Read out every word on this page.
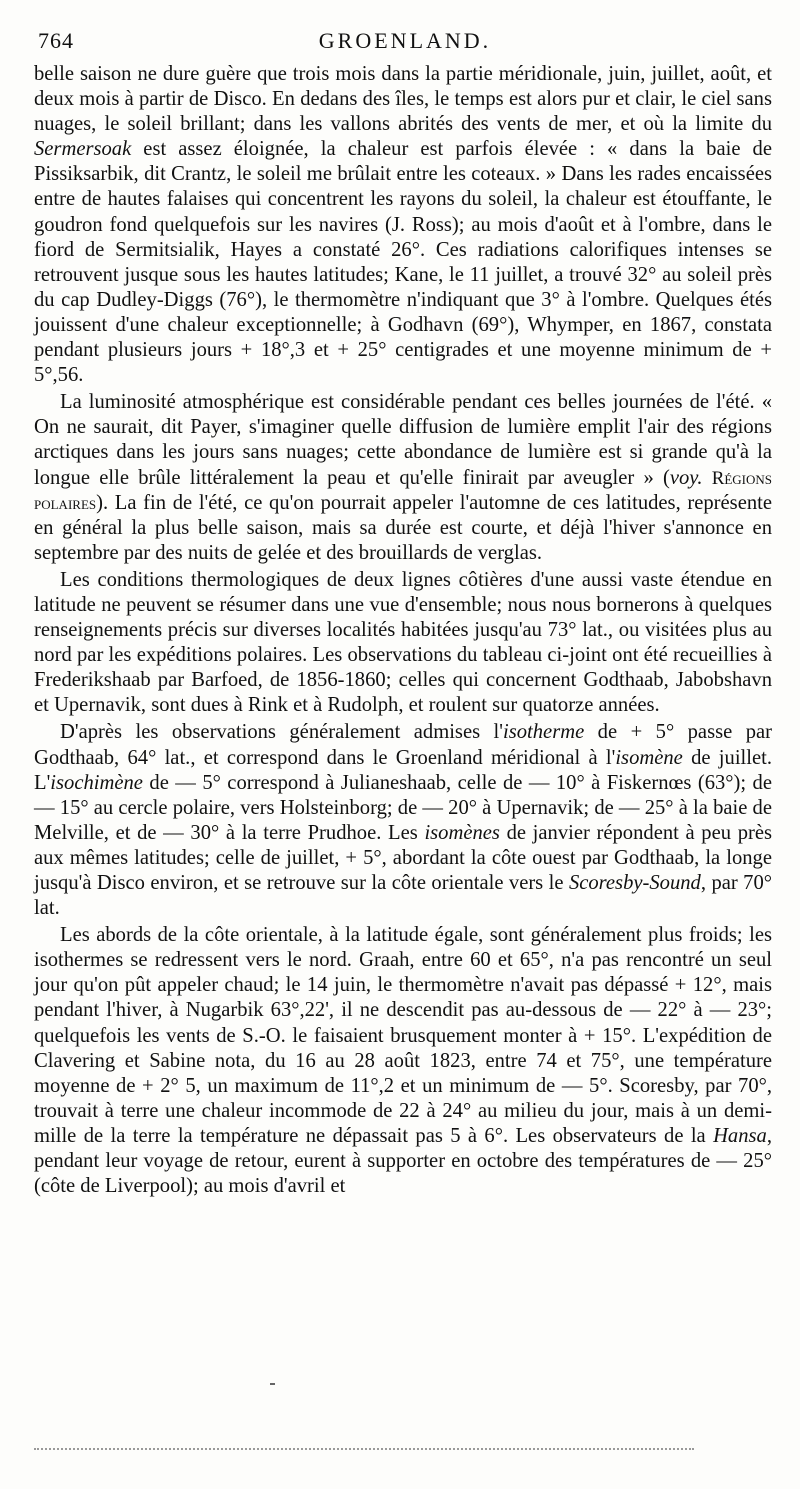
764	GROENLAND.

belle saison ne dure guère que trois mois dans la partie méridionale, juin, juillet, août, et deux mois à partir de Disco. En dedans des îles, le temps est alors pur et clair, le ciel sans nuages, le soleil brillant; dans les vallons abrités des vents de mer, et où la limite du Sermersoak est assez éloignée, la chaleur est parfois élevée : « dans la baie de Pissiksarbik, dit Crantz, le soleil me brûlait entre les coteaux. » Dans les rades encaissées entre de hautes falaises qui concentrent les rayons du soleil, la chaleur est étouffante, le goudron fond quelquefois sur les navires (J. Ross); au mois d'août et à l'ombre, dans le fiord de Sermitsialik, Hayes a constaté 26°. Ces radiations calorifiques intenses se retrouvent jusque sous les hautes latitudes; Kane, le 11 juillet, a trouvé 32° au soleil près du cap Dudley-Diggs (76°), le thermomètre n'indiquant que 3° à l'ombre. Quelques étés jouissent d'une chaleur exceptionnelle; à Godhavn (69°), Whymper, en 1867, constata pendant plusieurs jours + 18°,3 et + 25° centigrades et une moyenne minimum de + 5°,56.

La luminosité atmosphérique est considérable pendant ces belles journées de l'été. « On ne saurait, dit Payer, s'imaginer quelle diffusion de lumière emplit l'air des régions arctiques dans les jours sans nuages; cette abondance de lumière est si grande qu'à la longue elle brûle littéralement la peau et qu'elle finirait par aveugler » (voy. Régions polaires). La fin de l'été, ce qu'on pourrait appeler l'automne de ces latitudes, représente en général la plus belle saison, mais sa durée est courte, et déjà l'hiver s'annonce en septembre par des nuits de gelée et des brouillards de verglas.

Les conditions thermologiques de deux lignes côtières d'une aussi vaste étendue en latitude ne peuvent se résumer dans une vue d'ensemble; nous nous bornerons à quelques renseignements précis sur diverses localités habitées jusqu'au 73° lat., ou visitées plus au nord par les expéditions polaires. Les observations du tableau ci-joint ont été recueillies à Frederikshaab par Barfoed, de 1856-1860; celles qui concernent Godthaab, Jabobshavn et Upernavik, sont dues à Rink et à Rudolph, et roulent sur quatorze années.

D'après les observations généralement admises l'isotherme de + 5° passe par Godthaab, 64° lat., et correspond dans le Groenland méridional à l'isomène de juillet. L'isochimène de — 5° correspond à Julianeshaab, celle de — 10° à Fiskernœs (63°); de — 15° au cercle polaire, vers Holsteinborg; de — 20° à Upernavik; de — 25° à la baie de Melville, et de — 30° à la terre Prudhoe. Les isomènes de janvier répondent à peu près aux mêmes latitudes; celle de juillet, + 5°, abordant la côte ouest par Godthaab, la longe jusqu'à Disco environ, et se retrouve sur la côte orientale vers le Scoresby-Sound, par 70° lat.

Les abords de la côte orientale, à la latitude égale, sont généralement plus froids; les isothermes se redressent vers le nord. Graah, entre 60 et 65°, n'a pas rencontré un seul jour qu'on pût appeler chaud; le 14 juin, le thermomètre n'avait pas dépassé + 12°, mais pendant l'hiver, à Nugarbik 63°,22', il ne descendit pas au-dessous de — 22° à — 23°; quelquefois les vents de S.-O. le faisaient brusquement monter à + 15°. L'expédition de Clavering et Sabine nota, du 16 au 28 août 1823, entre 74 et 75°, une température moyenne de + 2° 5, un maximum de 11°,2 et un minimum de — 5°. Scoresby, par 70°, trouvait à terre une chaleur incommode de 22 à 24° au milieu du jour, mais à un demi-mille de la terre la température ne dépassait pas 5 à 6°. Les observateurs de la Hansa, pendant leur voyage de retour, eurent à supporter en octobre des températures de — 25° (côte de Liverpool); au mois d'avril et
